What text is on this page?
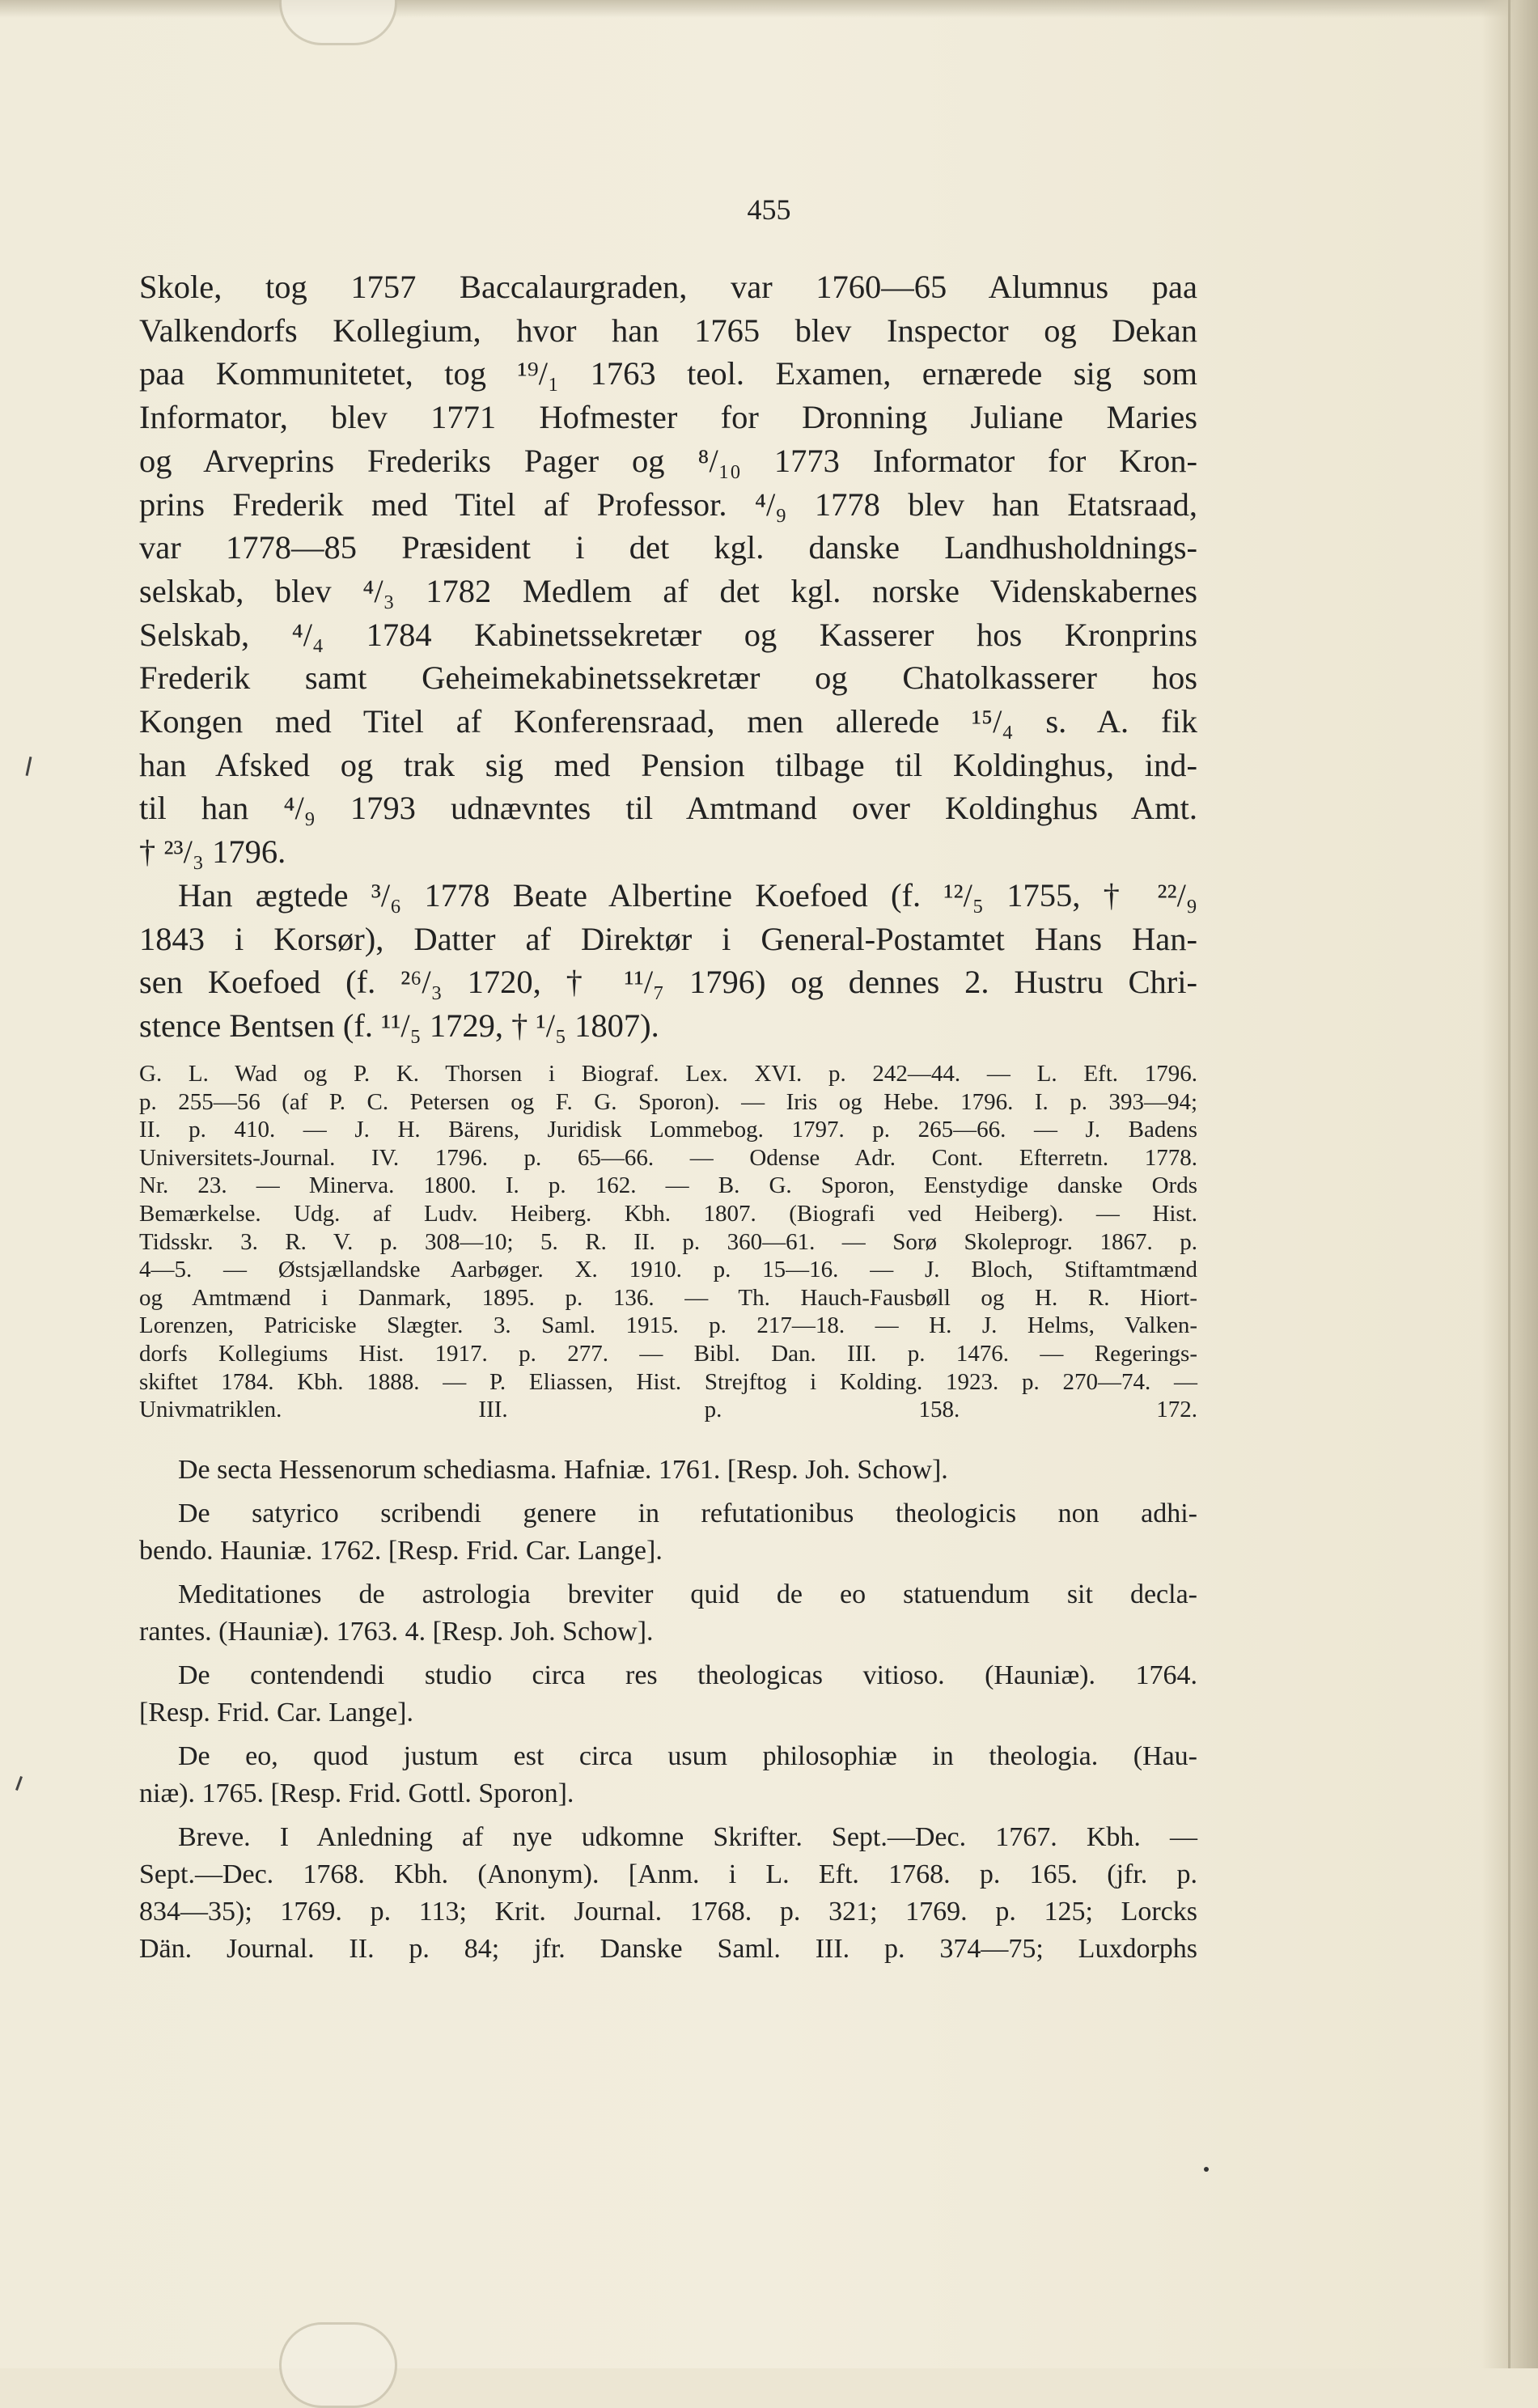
455
Skole, tog 1757 Baccalaurgraden, var 1760—65 Alumnus paa
Valkendorfs Kollegium, hvor han 1765 blev Inspector og Dekan
paa Kommunitetet, tog ¹⁹/₁ 1763 teol. Examen, ernærede sig som
Informator, blev 1771 Hofmester for Dronning Juliane Maries
og Arveprins Frederiks Pager og ⁸/₁₀ 1773 Informator for Kron-
prins Frederik med Titel af Professor. ⁴/₉ 1778 blev han Etatsraad,
var 1778—85 Præsident i det kgl. danske Landhusholdnings-
selskab, blev ⁴/₃ 1782 Medlem af det kgl. norske Videnskabernes
Selskab, ⁴/₄ 1784 Kabinetssekretær og Kasserer hos Kronprins
Frederik samt Geheimekabinetssekretær og Chatolkasserer hos
Kongen med Titel af Konferensraad, men allerede ¹⁵/₄ s. A. fik
han Afsked og trak sig med Pension tilbage til Koldinghus, ind-
til han ⁴/₉ 1793 udnævntes til Amtmand over Koldinghus Amt.
† ²³/₃ 1796.
Han ægtede ³/₆ 1778 Beate Albertine Koefoed (f. ¹²/₅ 1755, † ²²/₉
1843 i Korsør), Datter af Direktør i General-Postamtet Hans Han-
sen Koefoed (f. ²⁶/₃ 1720, † ¹¹/₇ 1796) og dennes 2. Hustru Chri-
stence Bentsen (f. ¹¹/₅ 1729, † ¹/₅ 1807).
G. L. Wad og P. K. Thorsen i Biograf. Lex. XVI. p. 242—44. — L. Eft. 1796.
p. 255—56 (af P. C. Petersen og F. G. Sporon). — Iris og Hebe. 1796. I. p. 393—94;
II. p. 410. — J. H. Bärens, Juridisk Lommebog. 1797. p. 265—66. — J. Badens
Universitets-Journal. IV. 1796. p. 65—66. — Odense Adr. Cont. Efterretn. 1778.
Nr. 23. — Minerva. 1800. I. p. 162. — B. G. Sporon, Eenstydige danske Ords
Bemærkelse. Udg. af Ludv. Heiberg. Kbh. 1807. (Biografi ved Heiberg). — Hist.
Tidsskr. 3. R. V. p. 308—10; 5. R. II. p. 360—61. — Sorø Skoleprogr. 1867. p.
4—5. — Østsjællandske Aarbøger. X. 1910. p. 15—16. — J. Bloch, Stiftamtmænd
og Amtmænd i Danmark, 1895. p. 136. — Th. Hauch-Fausbøll og H. R. Hiort-
Lorenzen, Patriciske Slægter. 3. Saml. 1915. p. 217—18. — H. J. Helms, Valken-
dorfs Kollegiums Hist. 1917. p. 277. — Bibl. Dan. III. p. 1476. — Regerings-
skiftet 1784. Kbh. 1888. — P. Eliassen, Hist. Strejftog i Kolding. 1923. p. 270—74. —
Univmatriklen. III. p. 158. 172.
De secta Hessenorum schediasma. Hafniæ. 1761. [Resp. Joh. Schow].
De satyrico scribendi genere in refutationibus theologicis non adhi-
bendo. Hauniæ. 1762. [Resp. Frid. Car. Lange].
Meditationes de astrologia breviter quid de eo statuendum sit decla-
rantes. (Hauniæ). 1763. 4. [Resp. Joh. Schow].
De contendendi studio circa res theologicas vitioso. (Hauniæ). 1764.
[Resp. Frid. Car. Lange].
De eo, quod justum est circa usum philosophiæ in theologia. (Hau-
niæ). 1765. [Resp. Frid. Gottl. Sporon].
Breve. I Anledning af nye udkomne Skrifter. Sept.—Dec. 1767. Kbh. —
Sept.—Dec. 1768. Kbh. (Anonym). [Anm. i L. Eft. 1768. p. 165. (jfr. p.
834—35); 1769. p. 113; Krit. Journal. 1768. p. 321; 1769. p. 125; Lorcks
Dän. Journal. II. p. 84; jfr. Danske Saml. III. p. 374—75; Luxdorphs
